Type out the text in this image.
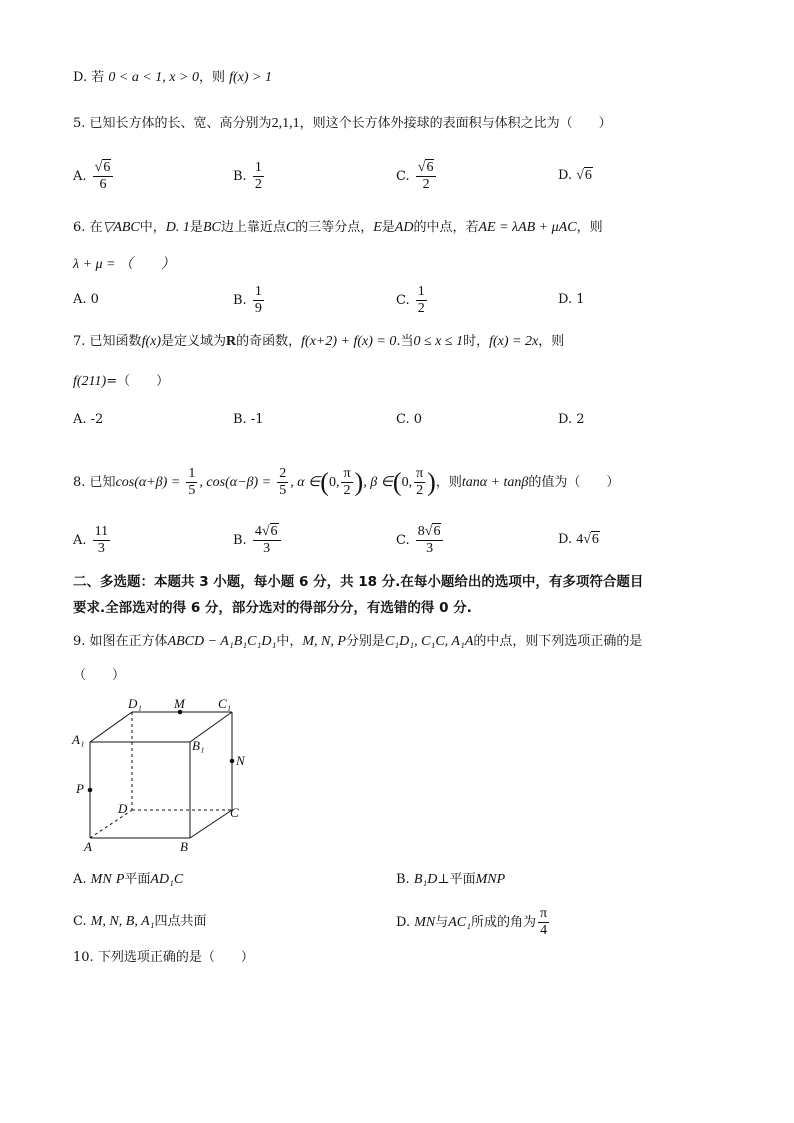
D. 若 0 < a < 1, x > 0，则 f(x) > 1
5. 已知长方体的长、宽、高分别为2,1,1，则这个长方体外接球的表面积与体积之比为（　　）
A. $\frac{√6}{6}$	B. $\frac{1}{2}$	C. $\frac{√6}{2}$	D. √6
6. 在▽ABC中，D. 1是BC边上靠近点C的三等分点，E是AD的中点，若AE = λAB + μAC，则
λ + μ = （　　）
A. 0	B. $\frac{1}{9}$	C. $\frac{1}{2}$	D. 1
7. 已知函数f(x)是定义域为R的奇函数，f(x+2) + f(x) = 0.当0 ≤ x ≤ 1时，f(x) = 2x，则
f(211)=（　　）
A. -2	B. -1	C. 0	D. 2
8. 已知$\cos(\alpha+\beta) = \frac{1}{5}$ , $\cos(\alpha-\beta) = \frac{2}{5}$ , α ∈(0, $\frac{\pi}{2}$ ), β ∈(0, $\frac{\pi}{2}$ )，则tanα + tanβ的值为（　　）
A. $\frac{11}{3}$	B. $\frac{4√6}{3}$	C. $\frac{8√6}{3}$	D. 4√6
二、多选题：本题共 3 小题，每小题 6 分，共 18 分.在每小题给出的选项中，有多项符合题目
要求.全部选对的得 6 分，部分选对的得部分分，有选错的得 0 分.
9. 如图在正方体ABCD − A₁B₁C₁D₁中，M, N, P分别是C₁D₁, C₁C, A₁A的中点，则下列选项正确的是
（　　）
D₁ M	C₁
A₁	B₁
N
P
D	C
A	B
A. MN P平面AD₁C	B. B₁D⊥平面MNP
C. M, N, B, A₁四点共面	D. MN与AC₁所成的角为 $\frac{\pi}{4}$
10. 下列选项正确的是（　　）
